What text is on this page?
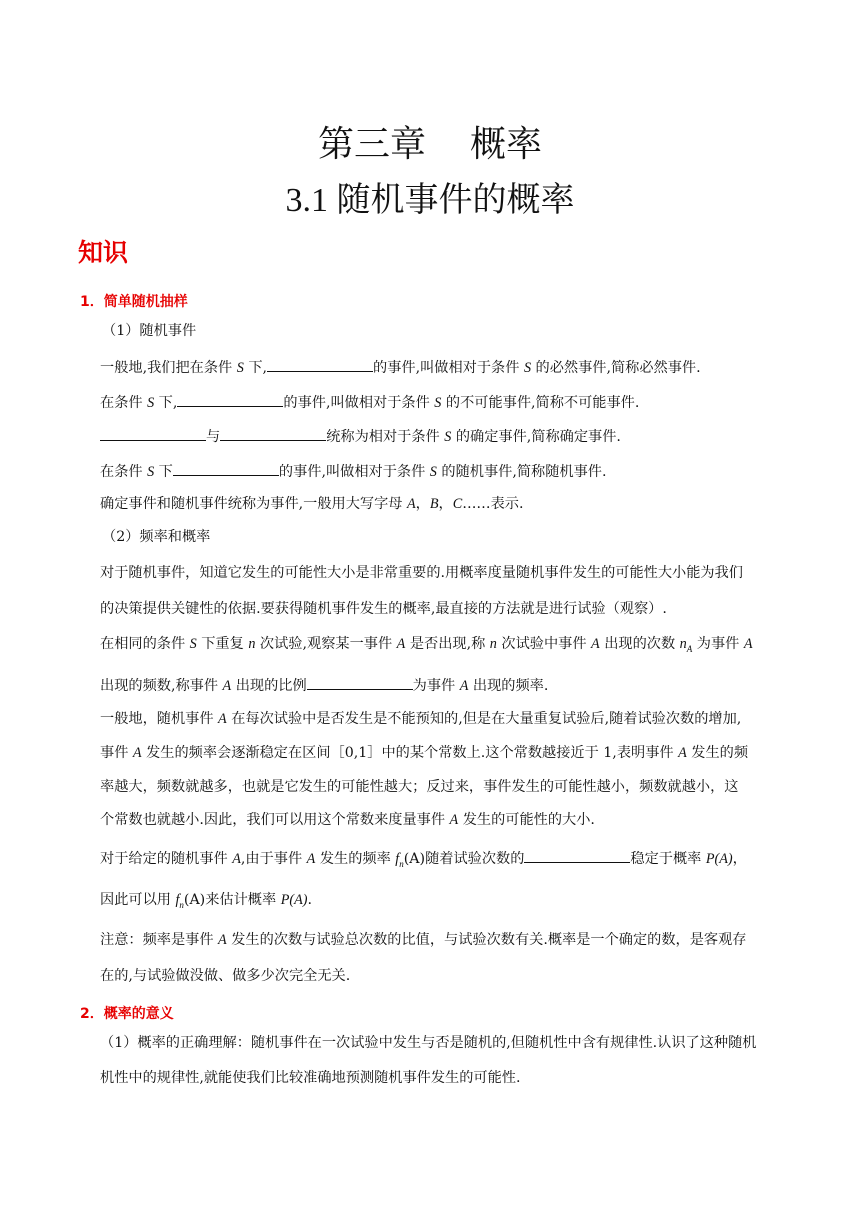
第三章 概率
3.1 随机事件的概率
知识
1．简单随机抽样
（1）随机事件
一般地,我们把在条件 S 下,	的事件,叫做相对于条件 S 的必然事件,简称必然事件.
在条件 S 下,	的事件,叫做相对于条件 S 的不可能事件,简称不可能事件.
与	统称为相对于条件 S 的确定事件,简称确定事件.
在条件 S 下	的事件,叫做相对于条件 S 的随机事件,简称随机事件.
确定事件和随机事件统称为事件,一般用大写字母 A，B，C……表示.
（2）频率和概率
对于随机事件，知道它发生的可能性大小是非常重要的.用概率度量随机事件发生的可能性大小能为我们
的决策提供关键性的依据.要获得随机事件发生的概率,最直接的方法就是进行试验（观察）.
在相同的条件 S 下重复 n 次试验,观察某一事件 A 是否出现,称 n 次试验中事件 A 出现的次数 $n_A$ 为事件 A
出现的频数,称事件 A 出现的比例	为事件 A 出现的频率.
一般地，随机事件 A 在每次试验中是否发生是不能预知的,但是在大量重复试验后,随着试验次数的增加,
事件 A 发生的频率会逐渐稳定在区间［0,1］中的某个常数上.这个常数越接近于 1,表明事件 A 发生的频
率越大，频数就越多，也就是它发生的可能性越大；反过来，事件发生的可能性越小，频数就越小，这
个常数也就越小.因此，我们可以用这个常数来度量事件 A 发生的可能性的大小.
对于给定的随机事件 A,由于事件 A 发生的频率 $f_n(A)$随着试验次数的	稳定于概率 P(A)，
因此可以用 $f_n(A)$来估计概率 P(A).
注意：频率是事件 A 发生的次数与试验总次数的比值，与试验次数有关.概率是一个确定的数，是客观存
在的,与试验做没做、做多少次完全无关.
2．概率的意义
（1）概率的正确理解：随机事件在一次试验中发生与否是随机的,但随机性中含有规律性.认识了这种随机
机性中的规律性,就能使我们比较准确地预测随机事件发生的可能性.
